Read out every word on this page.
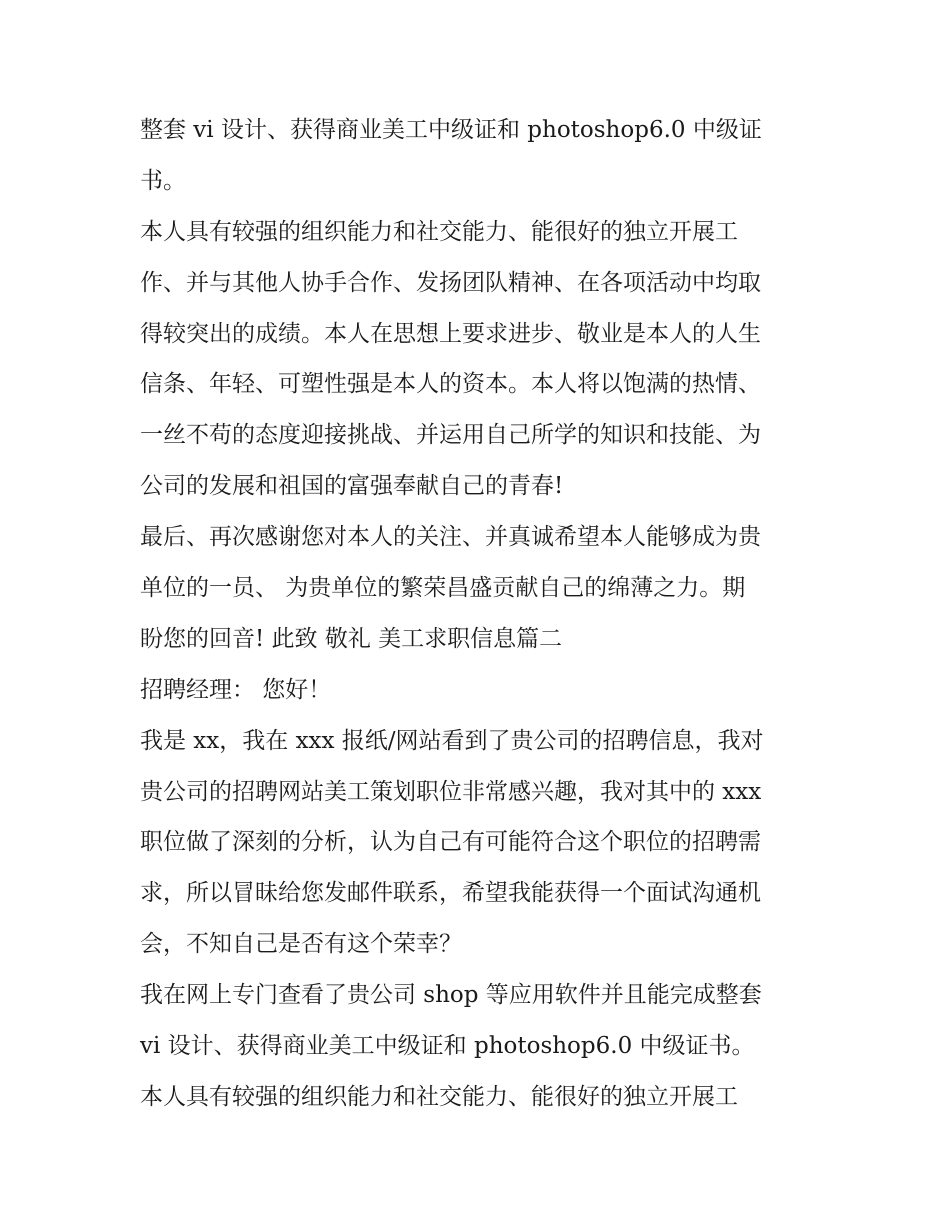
整套 vi 设计、获得商业美工中级证和 photoshop6.0 中级证
书。
本人具有较强的组织能力和社交能力、能很好的独立开展工
作、并与其他人协手合作、发扬团队精神、在各项活动中均取
得较突出的成绩。本人在思想上要求进步、敬业是本人的人生
信条、年轻、可塑性强是本人的资本。本人将以饱满的热情、
一丝不苟的态度迎接挑战、并运用自己所学的知识和技能、为
公司的发展和祖国的富强奉献自己的青春!
最后、再次感谢您对本人的关注、并真诚希望本人能够成为贵
单位的一员、 为贵单位的繁荣昌盛贡献自己的绵薄之力。期
盼您的回音! 此致 敬礼 美工求职信息篇二
招聘经理： 您好！
我是 xx，我在 xxx 报纸/网站看到了贵公司的招聘信息，我对
贵公司的招聘网站美工策划职位非常感兴趣，我对其中的 xxx
职位做了深刻的分析，认为自己有可能符合这个职位的招聘需
求，所以冒昧给您发邮件联系，希望我能获得一个面试沟通机
会，不知自己是否有这个荣幸？
我在网上专门查看了贵公司 shop 等应用软件并且能完成整套
vi 设计、获得商业美工中级证和 photoshop6.0 中级证书。
本人具有较强的组织能力和社交能力、能很好的独立开展工
